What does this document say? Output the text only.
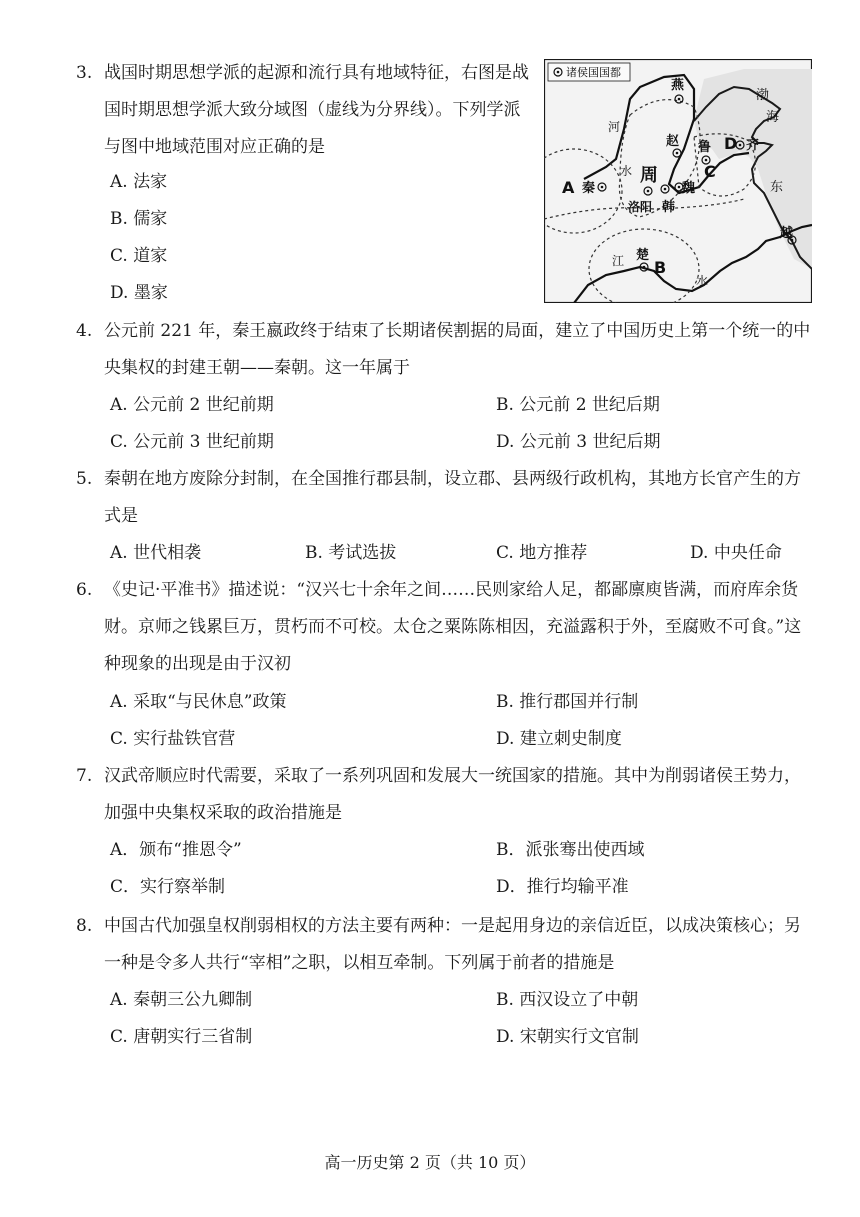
3. 战国时期思想学派的起源和流行具有地域特征，右图是战国时期思想学派大致分域图（虚线为分界线）。下列学派与图中地域范围对应正确的是
A. 法家
B. 儒家
C. 道家
D. 墨家
诸侯国国都
燕
赵 鲁	齐
秦	魏
韩
楚
越
周
洛阳
河
水
江
水
渤
海
东
A
B
C
D
4. 公元前 221 年，秦王嬴政终于结束了长期诸侯割据的局面，建立了中国历史上第一个统一的中央集权的封建王朝——秦朝。这一年属于
A. 公元前 2 世纪前期	B. 公元前 2 世纪后期
C. 公元前 3 世纪前期	D. 公元前 3 世纪后期
5. 秦朝在地方废除分封制，在全国推行郡县制，设立郡、县两级行政机构，其地方长官产生的方式是
A. 世代相袭	B. 考试选拔	C. 地方推荐	D. 中央任命
6. 《史记·平准书》描述说：“汉兴七十余年之间……民则家给人足，都鄙廪庾皆满，而府库余货财。京师之钱累巨万，贯朽而不可校。太仓之粟陈陈相因，充溢露积于外，至腐败不可食。”这种现象的出现是由于汉初
A. 采取“与民休息”政策	B. 推行郡国并行制
C. 实行盐铁官营	D. 建立刺史制度
7. 汉武帝顺应时代需要，采取了一系列巩固和发展大一统国家的措施。其中为削弱诸侯王势力，加强中央集权采取的政治措施是
A．颁布“推恩令”	B．派张骞出使西域
C．实行察举制	D．推行均输平准
8. 中国古代加强皇权削弱相权的方法主要有两种：一是起用身边的亲信近臣，以成决策核心；另一种是令多人共行“宰相”之职，以相互牵制。下列属于前者的措施是
A. 秦朝三公九卿制	B. 西汉设立了中朝
C. 唐朝实行三省制	D. 宋朝实行文官制
高一历史第 2 页（共 10 页）
